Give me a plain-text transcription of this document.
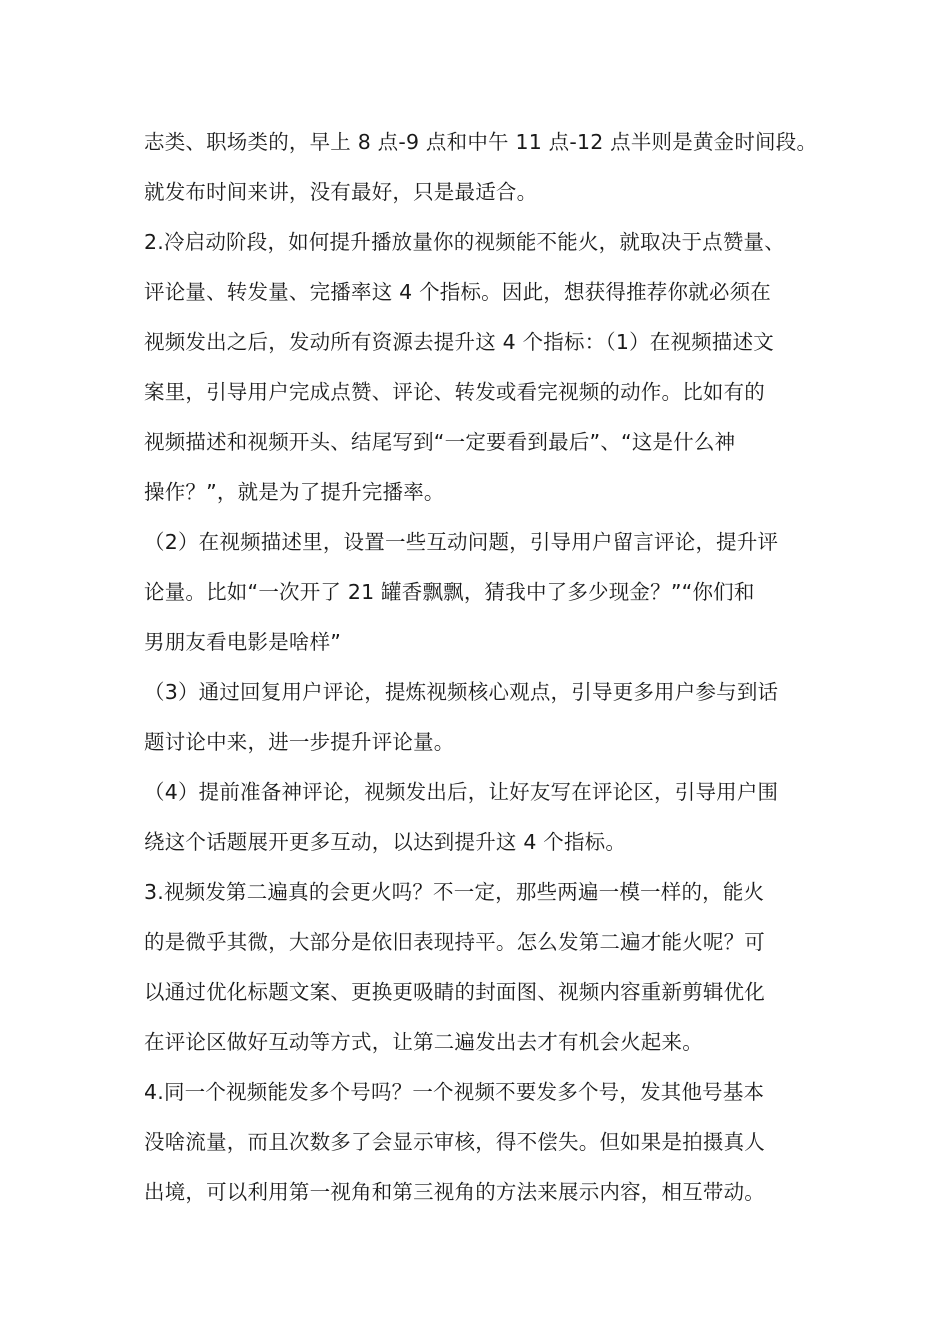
志类、职场类的，早上 8 点-9 点和中午 11 点-12 点半则是黄金时间段。
就发布时间来讲，没有最好，只是最适合。
2.冷启动阶段，如何提升播放量你的视频能不能火，就取决于点赞量、
评论量、转发量、完播率这 4 个指标。因此，想获得推荐你就必须在
视频发出之后，发动所有资源去提升这 4 个指标：（1）在视频描述文
案里，引导用户完成点赞、评论、转发或看完视频的动作。比如有的
视频描述和视频开头、结尾写到“一定要看到最后”、“这是什么神
操作？”，就是为了提升完播率。
（2）在视频描述里，设置一些互动问题，引导用户留言评论，提升评
论量。比如“一次开了 21 罐香飘飘，猜我中了多少现金？”“你们和
男朋友看电影是啥样”
（3）通过回复用户评论，提炼视频核心观点，引导更多用户参与到话
题讨论中来，进一步提升评论量。
（4）提前准备神评论，视频发出后，让好友写在评论区，引导用户围
绕这个话题展开更多互动，以达到提升这 4 个指标。
3.视频发第二遍真的会更火吗？不一定，那些两遍一模一样的，能火
的是微乎其微，大部分是依旧表现持平。怎么发第二遍才能火呢？可
以通过优化标题文案、更换更吸睛的封面图、视频内容重新剪辑优化
在评论区做好互动等方式，让第二遍发出去才有机会火起来。
4.同一个视频能发多个号吗？一个视频不要发多个号，发其他号基本
没啥流量，而且次数多了会显示审核，得不偿失。但如果是拍摄真人
出境，可以利用第一视角和第三视角的方法来展示内容，相互带动。
